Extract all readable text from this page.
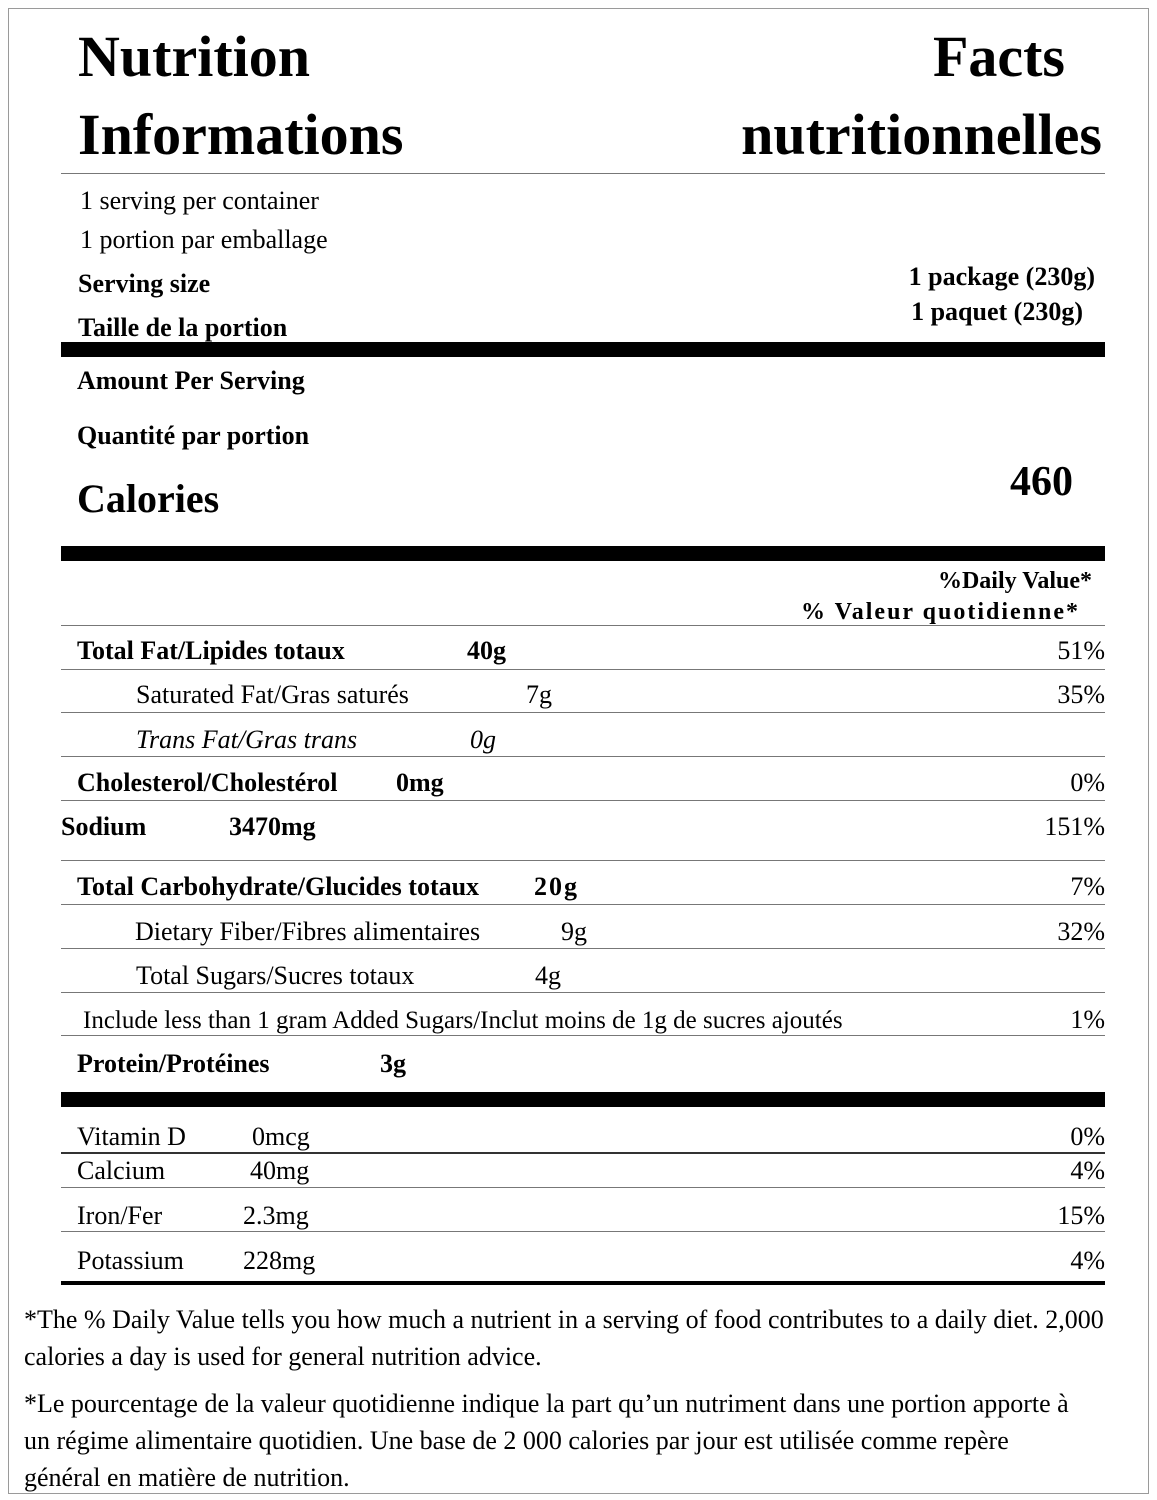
Nutrition
Informations
Facts
nutritionnelles
1 serving per container
1 portion par emballage
Serving size
Taille de la portion
1 package (230g)
1 paquet (230g)
Amount Per Serving
Quantité par portion
Calories	460
%Daily Value*
% Valeur quotidienne*
Total Fat/Lipides totaux	40g	51%
Saturated Fat/Gras saturés	7g	35%
Trans Fat/Gras trans	0g
Cholesterol/Cholestérol 0mg	0%
Sodium	3470mg	151%
Total Carbohydrate/Glucides totaux 20g	7%
Dietary Fiber/Fibres alimentaires	9g	32%
Total Sugars/Sucres totaux	4g
Include less than 1 gram Added Sugars/Inclut moins de 1g de sucres ajoutés	1%
Protein/Protéines	3g
Vitamin D	0mcg	0%
Calcium	40mg	4%
Iron/Fer	2.3mg	15%
Potassium 228mg	4%
*The % Daily Value tells you how much a nutrient in a serving of food contributes to a daily diet. 2,000 calories a day is used for general nutrition advice.
*Le pourcentage de la valeur quotidienne indique la part qu’un nutriment dans une portion apporte à un régime alimentaire quotidien. Une base de 2 000 calories par jour est utilisée comme repère général en matière de nutrition.
